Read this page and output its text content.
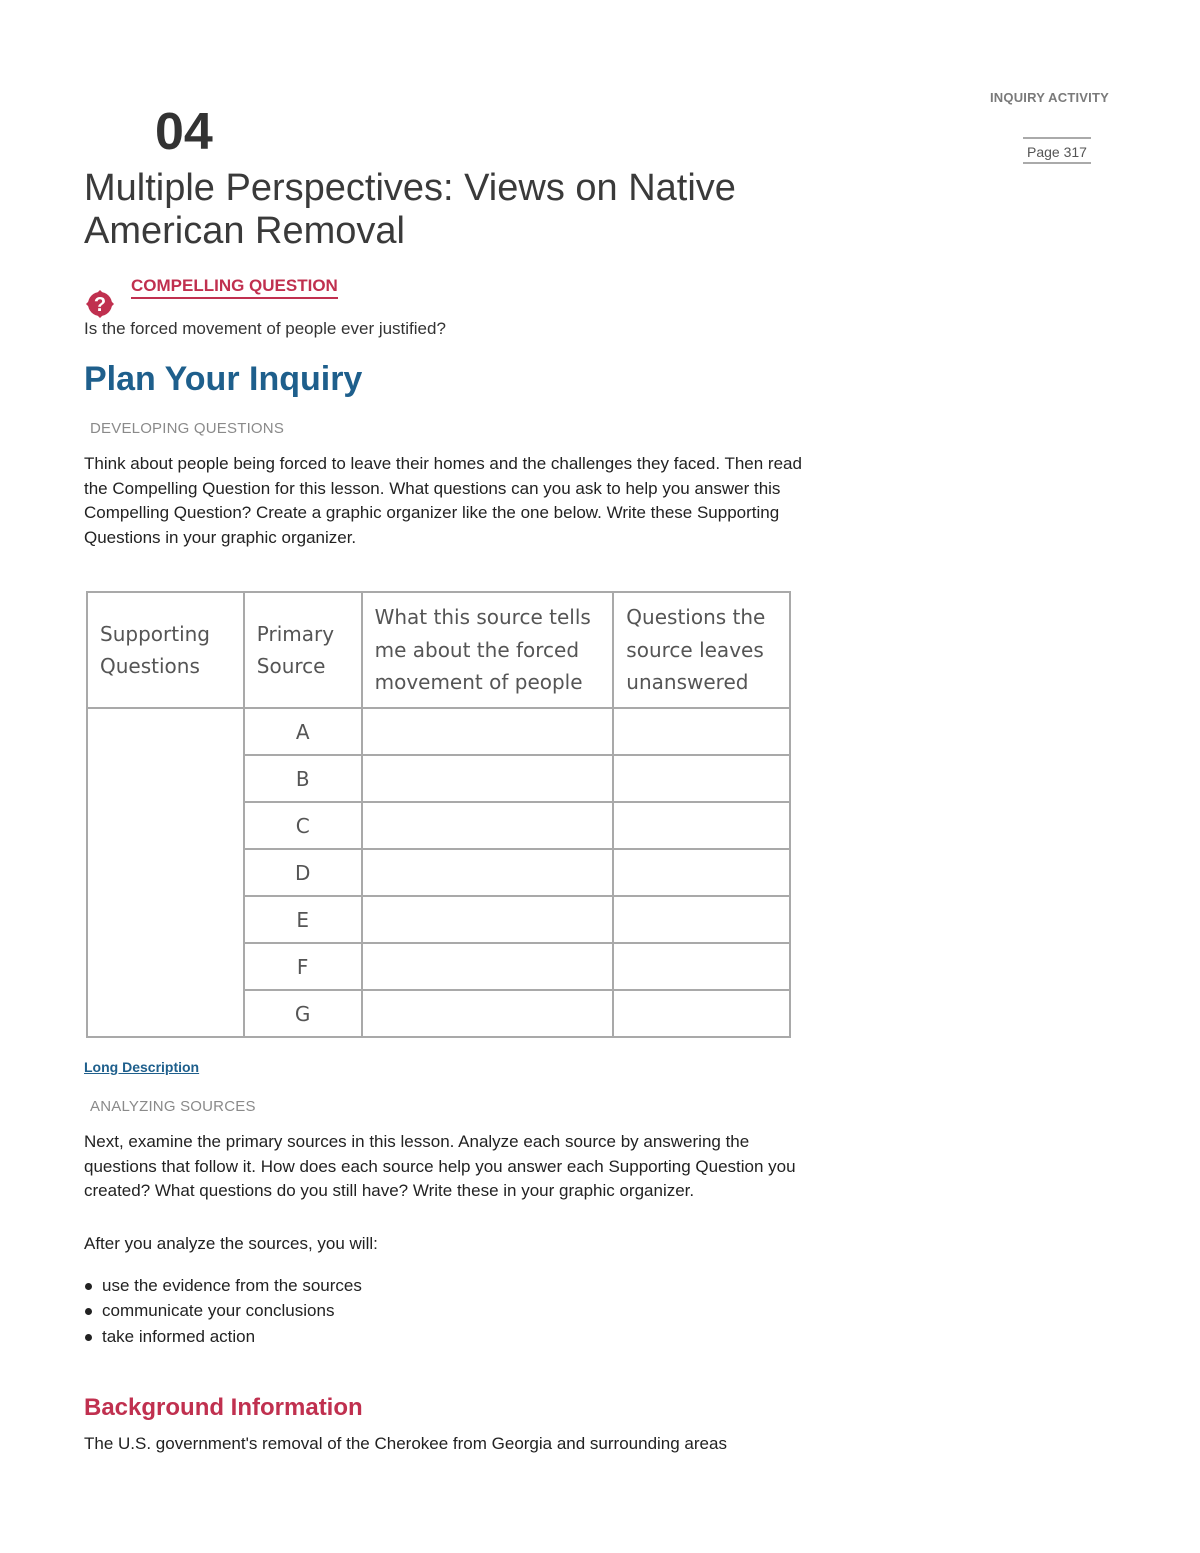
INQUIRY ACTIVITY
Page 317
04
Multiple Perspectives: Views on Native American Removal
?
COMPELLING QUESTION
Is the forced movement of people ever justified?
Plan Your Inquiry
DEVELOPING QUESTIONS
Think about people being forced to leave their homes and the challenges they faced. Then read the Compelling Question for this lesson. What questions can you ask to help you answer this Compelling Question? Create a graphic organizer like the one below. Write these Supporting Questions in your graphic organizer.
Supporting Questions	Primary Source	What this source tells me about the forced movement of people	Questions the source leaves unanswered
	A		
	B		
	C		
	D		
	E		
	F		
	G		
Long Description
ANALYZING SOURCES
Next, examine the primary sources in this lesson. Analyze each source by answering the questions that follow it. How does each source help you answer each Supporting Question you created? What questions do you still have? Write these in your graphic organizer.
After you analyze the sources, you will:
use the evidence from the sources
communicate your conclusions
take informed action
Background Information
The U.S. government's removal of the Cherokee from Georgia and surrounding areas
